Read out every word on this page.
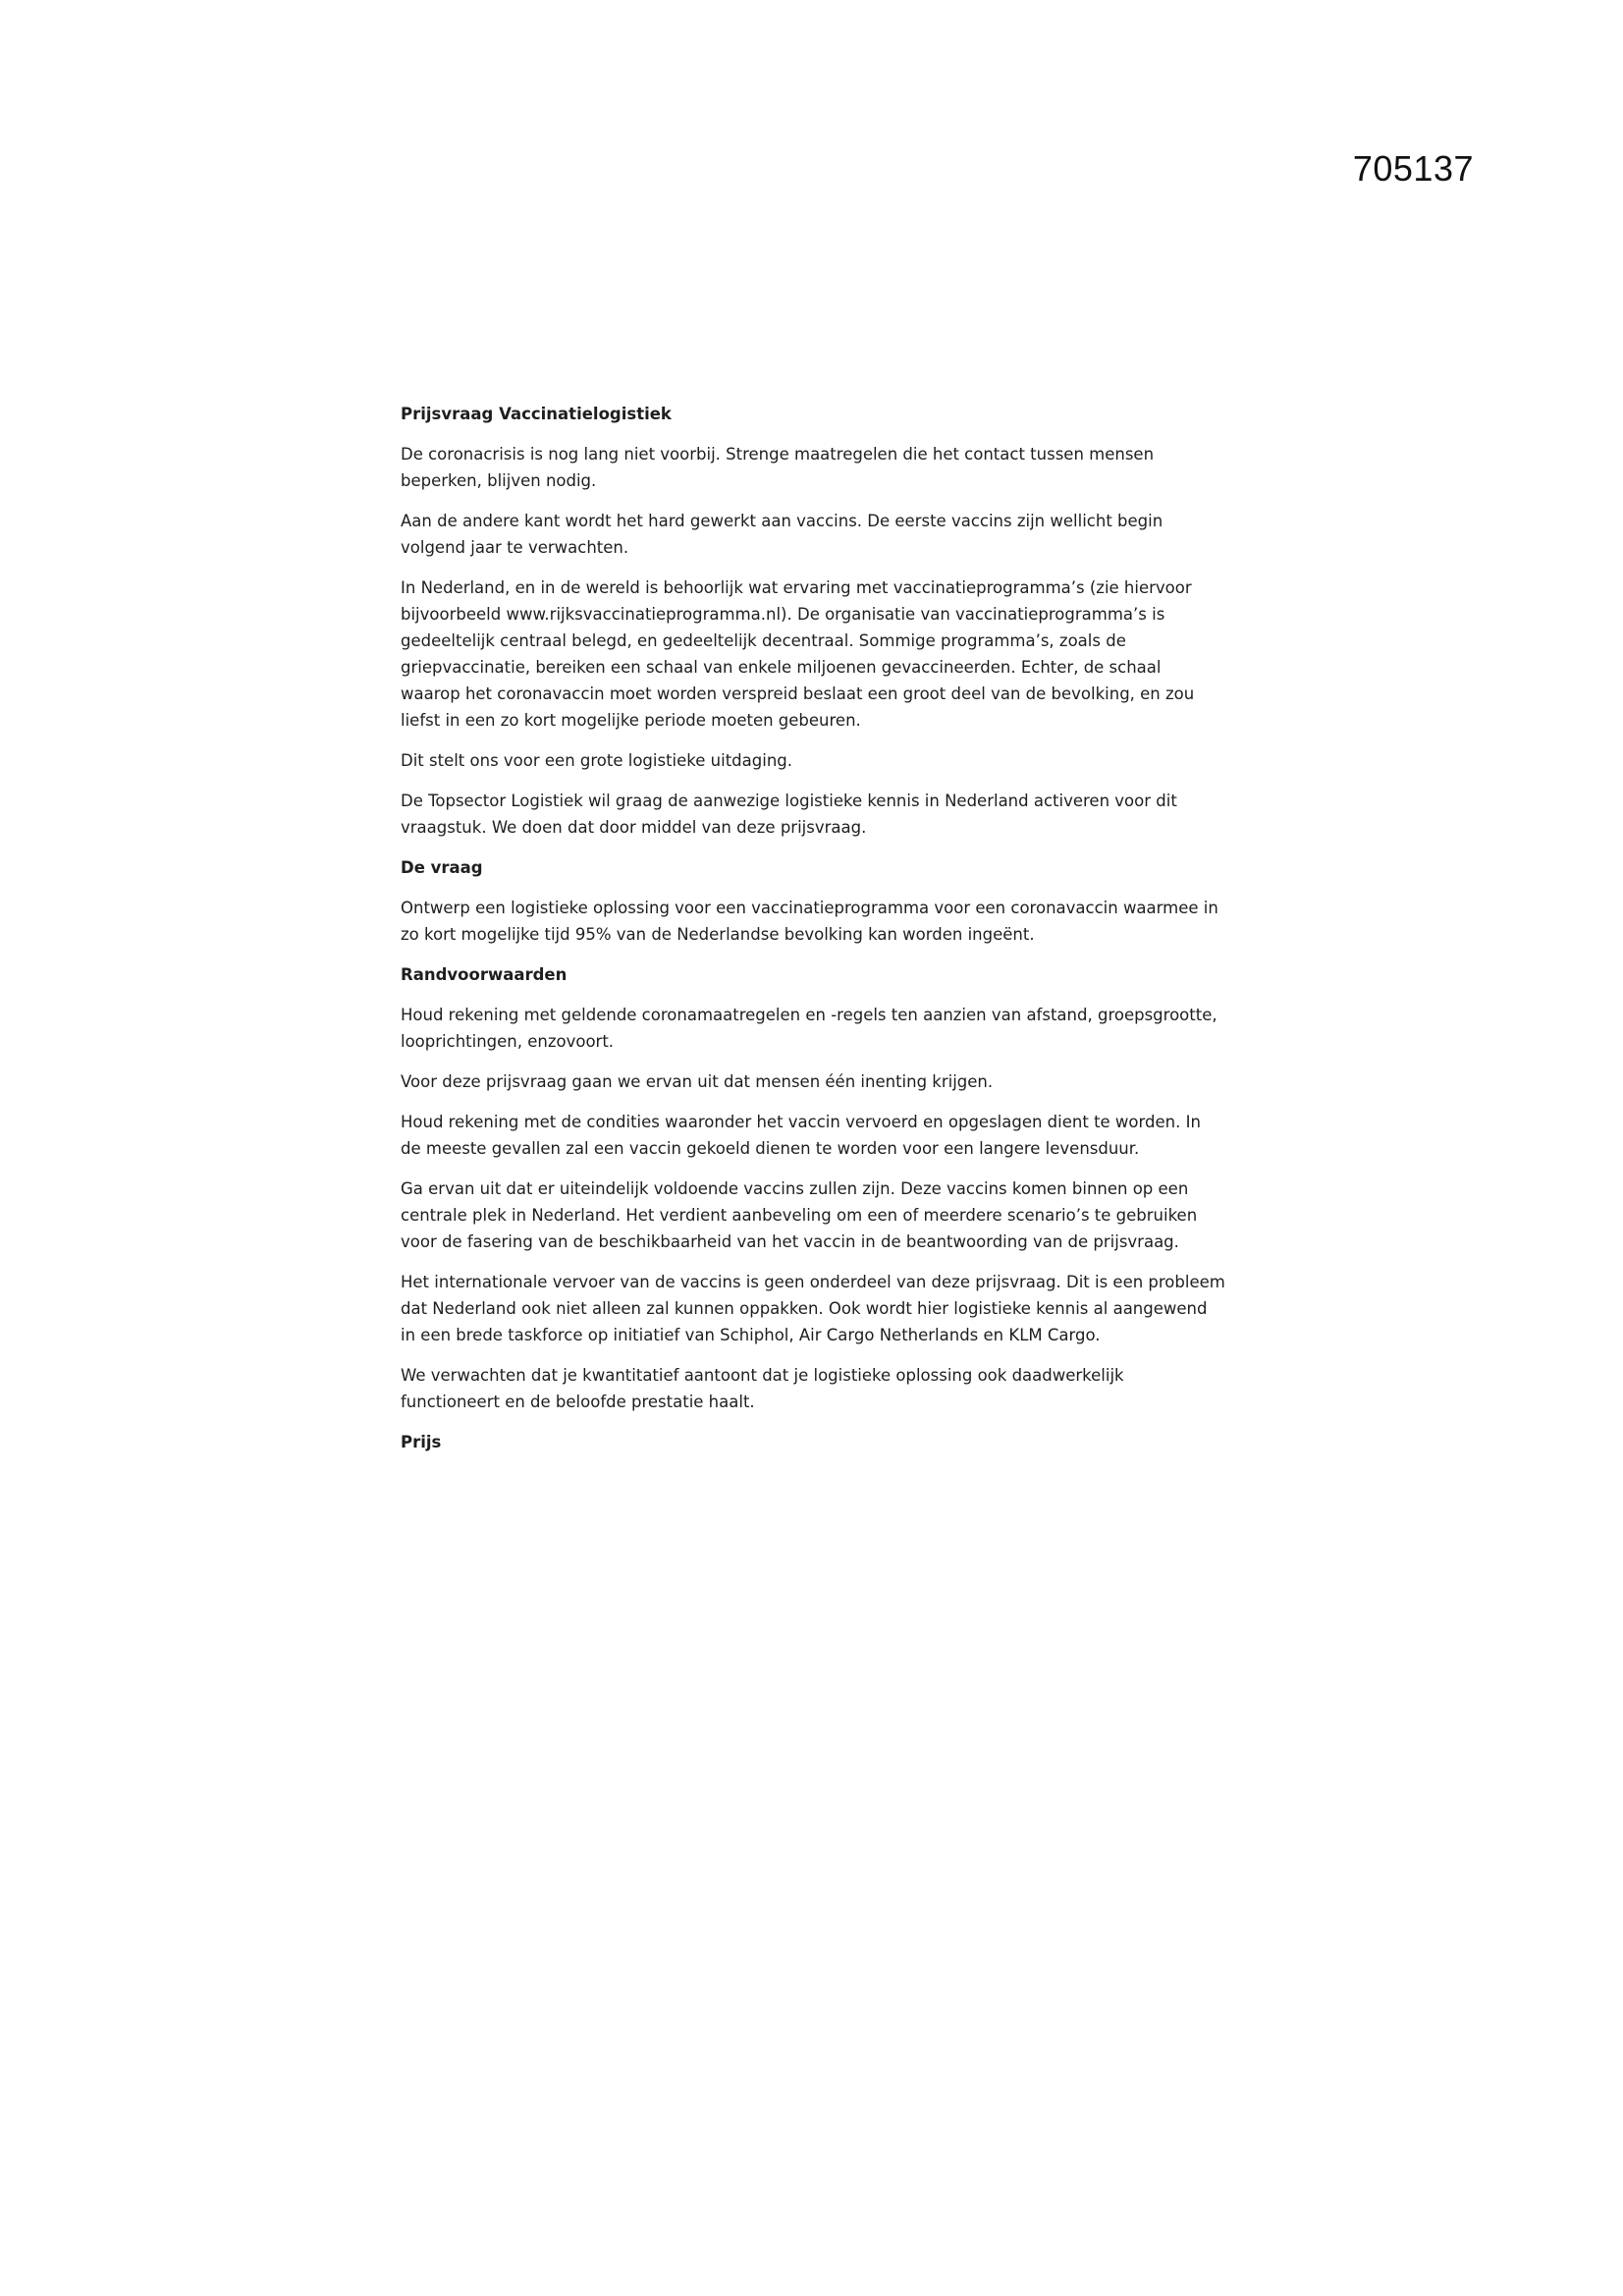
705137

Prijsvraag Vaccinatielogistiek

De coronacrisis is nog lang niet voorbij. Strenge maatregelen die het contact tussen mensen beperken, blijven nodig.

Aan de andere kant wordt het hard gewerkt aan vaccins. De eerste vaccins zijn wellicht begin volgend jaar te verwachten.

In Nederland, en in de wereld is behoorlijk wat ervaring met vaccinatieprogramma’s (zie hiervoor bijvoorbeeld www.rijksvaccinatieprogramma.nl). De organisatie van vaccinatieprogramma’s is gedeeltelijk centraal belegd, en gedeeltelijk decentraal. Sommige programma’s, zoals de griepvaccinatie, bereiken een schaal van enkele miljoenen gevaccineerden. Echter, de schaal waarop het coronavaccin moet worden verspreid beslaat een groot deel van de bevolking, en zou liefst in een zo kort mogelijke periode moeten gebeuren.

Dit stelt ons voor een grote logistieke uitdaging.

De Topsector Logistiek wil graag de aanwezige logistieke kennis in Nederland activeren voor dit vraagstuk. We doen dat door middel van deze prijsvraag.

De vraag

Ontwerp een logistieke oplossing voor een vaccinatieprogramma voor een coronavaccin waarmee in zo kort mogelijke tijd 95% van de Nederlandse bevolking kan worden ingeënt.

Randvoorwaarden

Houd rekening met geldende coronamaatregelen en -regels ten aanzien van afstand, groepsgrootte, looprichtingen, enzovoort.

Voor deze prijsvraag gaan we ervan uit dat mensen één inenting krijgen.

Houd rekening met de condities waaronder het vaccin vervoerd en opgeslagen dient te worden. In de meeste gevallen zal een vaccin gekoeld dienen te worden voor een langere levensduur.

Ga ervan uit dat er uiteindelijk voldoende vaccins zullen zijn. Deze vaccins komen binnen op een centrale plek in Nederland. Het verdient aanbeveling om een of meerdere scenario’s te gebruiken voor de fasering van de beschikbaarheid van het vaccin in de beantwoording van de prijsvraag.

Het internationale vervoer van de vaccins is geen onderdeel van deze prijsvraag. Dit is een probleem dat Nederland ook niet alleen zal kunnen oppakken. Ook wordt hier logistieke kennis al aangewend in een brede taskforce op initiatief van Schiphol, Air Cargo Netherlands en KLM Cargo.

We verwachten dat je kwantitatief aantoont dat je logistieke oplossing ook daadwerkelijk functioneert en de beloofde prestatie haalt.

Prijs
